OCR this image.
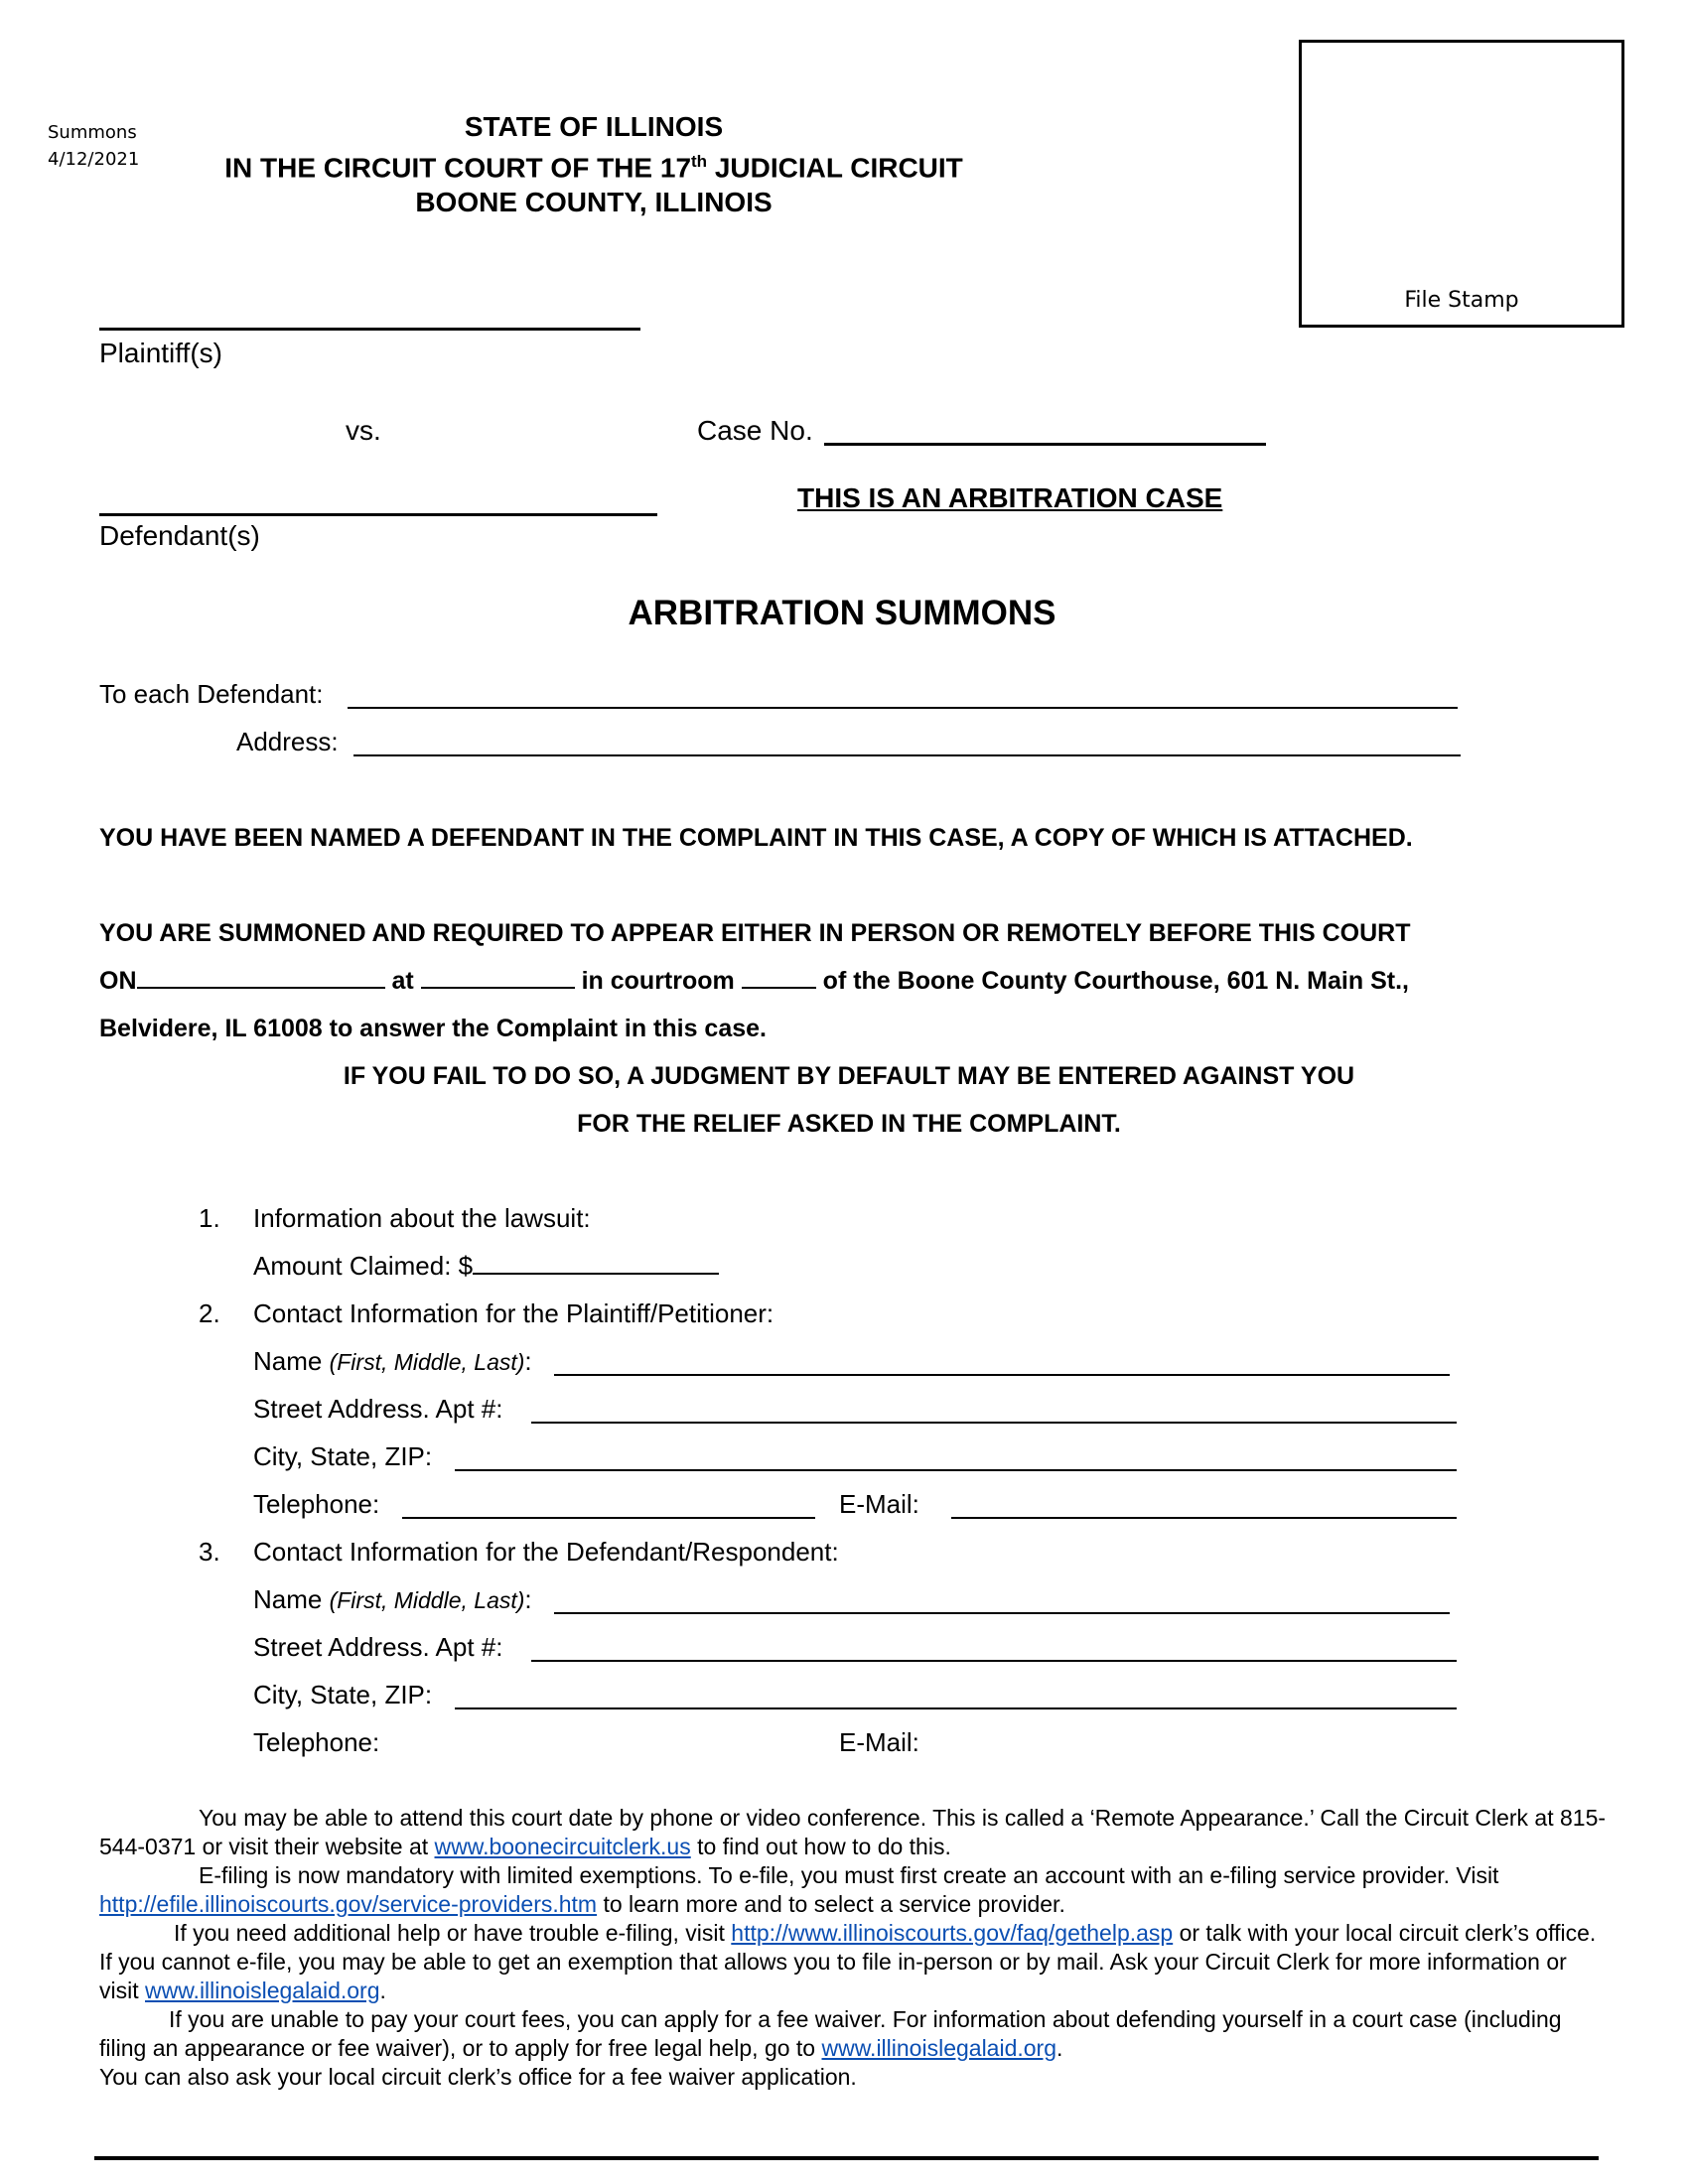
Summons
4/12/2021
STATE OF ILLINOIS
IN THE CIRCUIT COURT OF THE 17th JUDICIAL CIRCUIT
BOONE COUNTY, ILLINOIS
File Stamp
Plaintiff(s)
vs.	Case No.
THIS IS AN ARBITRATION CASE
Defendant(s)
ARBITRATION SUMMONS
To each Defendant:
Address:
YOU HAVE BEEN NAMED A DEFENDANT IN THE COMPLAINT IN THIS CASE, A COPY OF WHICH IS ATTACHED.
YOU ARE SUMMONED AND REQUIRED TO APPEAR EITHER IN PERSON OR REMOTELY BEFORE THIS COURT
ON	at	in courtroom	of the Boone County Courthouse, 601 N. Main St.,
Belvidere, IL 61008 to answer the Complaint in this case.
IF YOU FAIL TO DO SO, A JUDGMENT BY DEFAULT MAY BE ENTERED AGAINST YOU
FOR THE RELIEF ASKED IN THE COMPLAINT.
1. Information about the lawsuit:
Amount Claimed: $
2. Contact Information for the Plaintiff/Petitioner:
Name (First, Middle, Last):
Street Address. Apt #:
City, State, ZIP:
Telephone:	E-Mail:
3. Contact Information for the Defendant/Respondent:
Name (First, Middle, Last):
Street Address. Apt #:
City, State, ZIP:
Telephone:	E-Mail:

You may be able to attend this court date by phone or video conference. This is called a ‘Remote Appearance.’ Call the Circuit Clerk at 815-544-0371 or visit their website at www.boonecircuitclerk.us to find out how to do this.

E-filing is now mandatory with limited exemptions. To e-file, you must first create an account with an e-filing service provider. Visit http://efile.illinoiscourts.gov/service-providers.htm to learn more and to select a service provider.

If you need additional help or have trouble e-filing, visit http://www.illinoiscourts.gov/faq/gethelp.asp or talk with your local circuit clerk’s office. If you cannot e-file, you may be able to get an exemption that allows you to file in-person or by mail. Ask your Circuit Clerk for more information or visit www.illinoislegalaid.org.

If you are unable to pay your court fees, you can apply for a fee waiver. For information about defending yourself in a court case (including filing an appearance or fee waiver), or to apply for free legal help, go to www.illinoislegalaid.org.

You can also ask your local circuit clerk’s office for a fee waiver application.
